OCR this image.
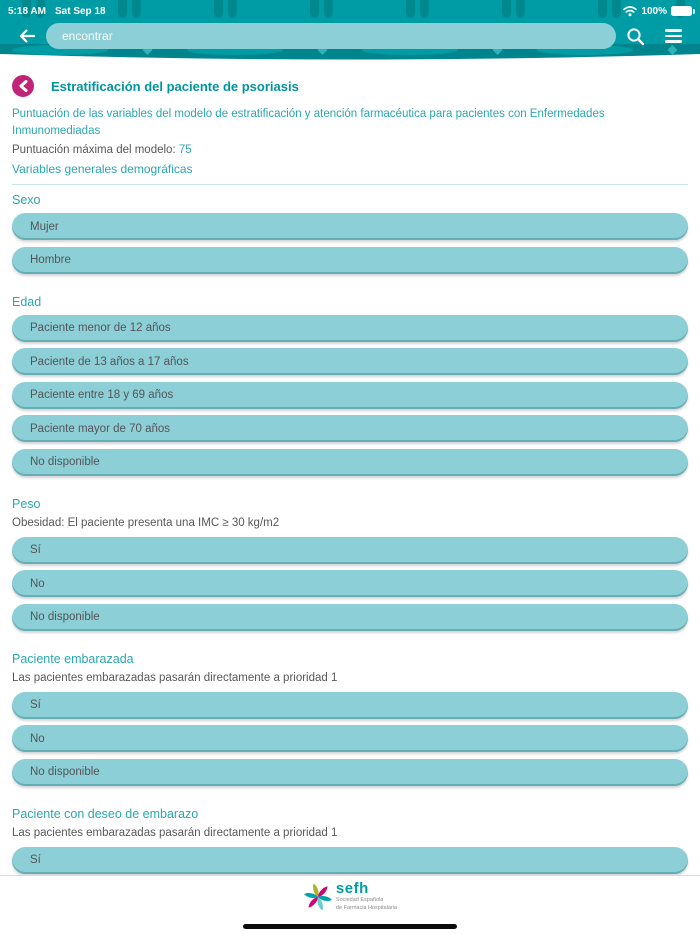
5:18 AM Sat Sep 18	100%
encontrar
Estratificación del paciente de psoriasis

Puntuación de las variables del modelo de estratificación y atención farmacéutica para pacientes con Enfermedades Inmunomediadas

Puntuación máxima del modelo: 75

Variables generales demográficas

Sexo
Mujer
Hombre
Edad
Paciente menor de 12 años
Paciente de 13 años a 17 años
Paciente entre 18 y 69 años
Paciente mayor de 70 años
No disponible
Peso

Obesidad: El paciente presenta una IMC ≥ 30 kg/m2

Sí
No
No disponible
Paciente embarazada

Las pacientes embarazadas pasarán directamente a prioridad 1

Sí
No
No disponible
Paciente con deseo de embarazo

Las pacientes embarazadas pasarán directamente a prioridad 1

Sí
sefh
Sociedad Española
de Farmacia Hospitalaria
